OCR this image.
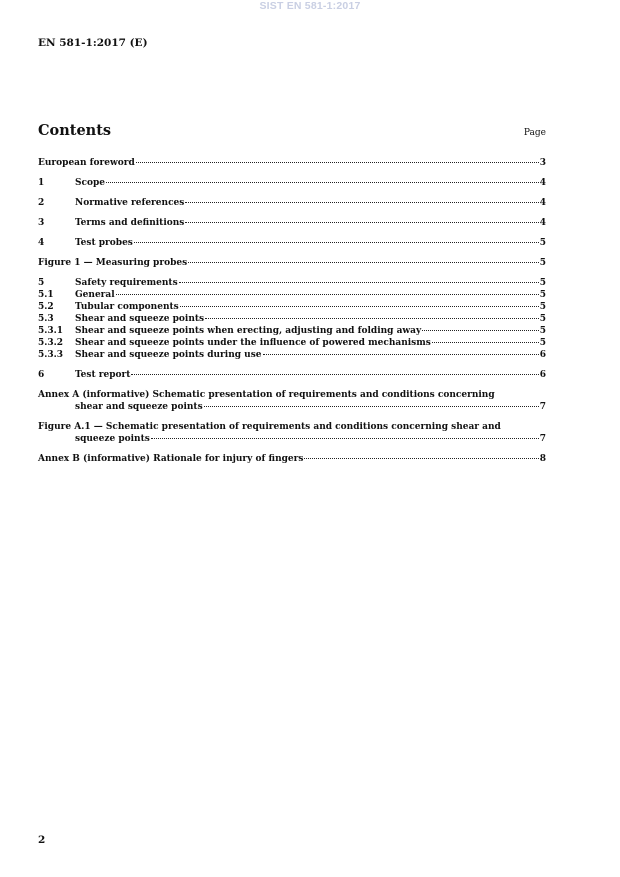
SIST EN 581-1:2017
EN 581-1:2017 (E)
Contents	Page
European foreword	3
1	Scope	4
2	Normative references	4
3	Terms and definitions	4
4	Test probes	5
Figure 1 — Measuring probes	5
5	Safety requirements	5
5.1	General	5
5.2	Tubular components	5
5.3	Shear and squeeze points	5
5.3.1	Shear and squeeze points when erecting, adjusting and folding away	5
5.3.2	Shear and squeeze points under the influence of powered mechanisms	5
5.3.3	Shear and squeeze points during use	6
6	Test report	6
Annex A (informative) Schematic presentation of requirements and conditions concerning
shear and squeeze points	7
Figure A.1 — Schematic presentation of requirements and conditions concerning shear and
squeeze points	7
Annex B (informative) Rationale for injury of fingers	8
2
